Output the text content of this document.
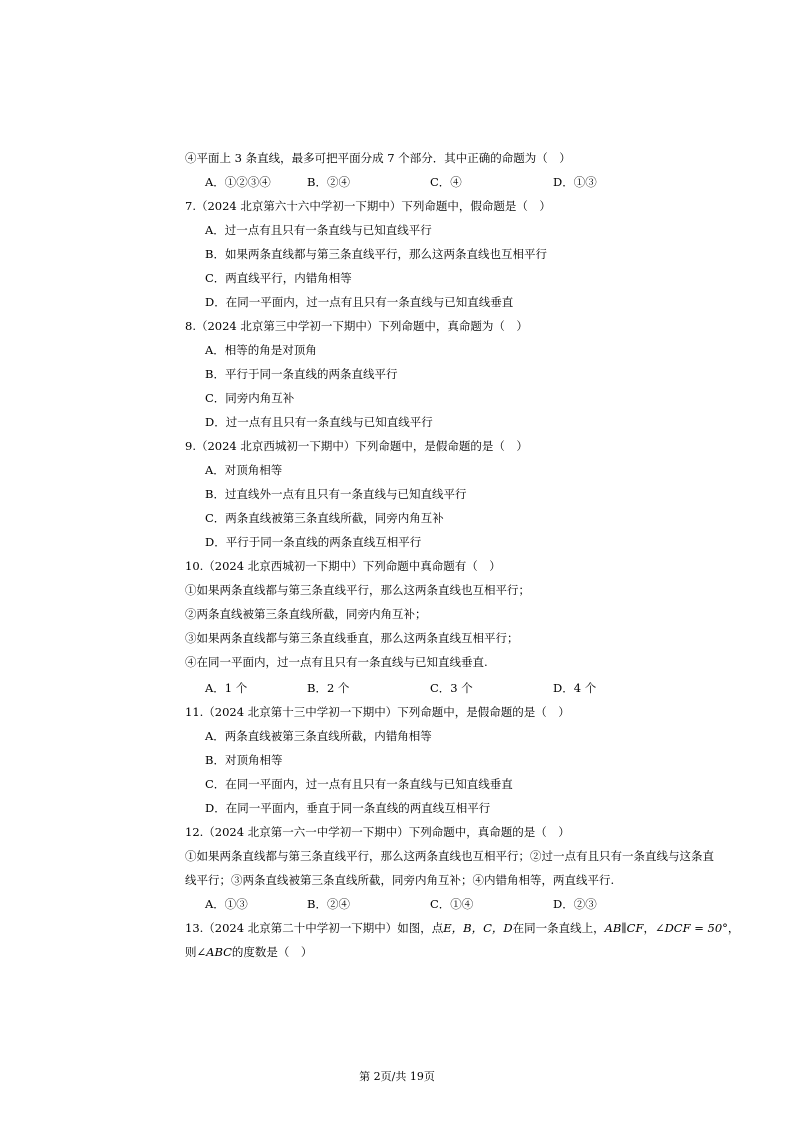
④平面上 3 条直线，最多可把平面分成 7 个部分．其中正确的命题为（　）
A．①②③④	B．②④	C．④	D．①③
7.（2024 北京第六十六中学初一下期中）下列命题中，假命题是（　）
A．过一点有且只有一条直线与已知直线平行
B．如果两条直线都与第三条直线平行，那么这两条直线也互相平行
C．两直线平行，内错角相等
D．在同一平面内，过一点有且只有一条直线与已知直线垂直
8.（2024 北京第三中学初一下期中）下列命题中，真命题为（　）
A．相等的角是对顶角
B．平行于同一条直线的两条直线平行
C．同旁内角互补
D．过一点有且只有一条直线与已知直线平行
9.（2024 北京西城初一下期中）下列命题中，是假命题的是（　）
A．对顶角相等
B．过直线外一点有且只有一条直线与已知直线平行
C．两条直线被第三条直线所截，同旁内角互补
D．平行于同一条直线的两条直线互相平行
10.（2024 北京西城初一下期中）下列命题中真命题有（　）
①如果两条直线都与第三条直线平行，那么这两条直线也互相平行；
②两条直线被第三条直线所截，同旁内角互补；
③如果两条直线都与第三条直线垂直，那么这两条直线互相平行；
④在同一平面内，过一点有且只有一条直线与已知直线垂直.
A．1 个	B．2 个	C．3 个	D．4 个
11.（2024 北京第十三中学初一下期中）下列命题中，是假命题的是（　）
A．两条直线被第三条直线所截，内错角相等
B．对顶角相等
C．在同一平面内，过一点有且只有一条直线与已知直线垂直
D．在同一平面内，垂直于同一条直线的两直线互相平行
12.（2024 北京第一六一中学初一下期中）下列命题中，真命题的是（　）
①如果两条直线都与第三条直线平行，那么这两条直线也互相平行；②过一点有且只有一条直线与这条直
线平行；③两条直线被第三条直线所截，同旁内角互补；④内错角相等，两直线平行.
A．①③	B．②④	C．①④	D．②③
13.（2024 北京第二十中学初一下期中）如图，点E，B，C，D在同一条直线上，AB∥CF，∠DCF = 50°，
则∠ABC的度数是（　）
第 2页/共 19页
